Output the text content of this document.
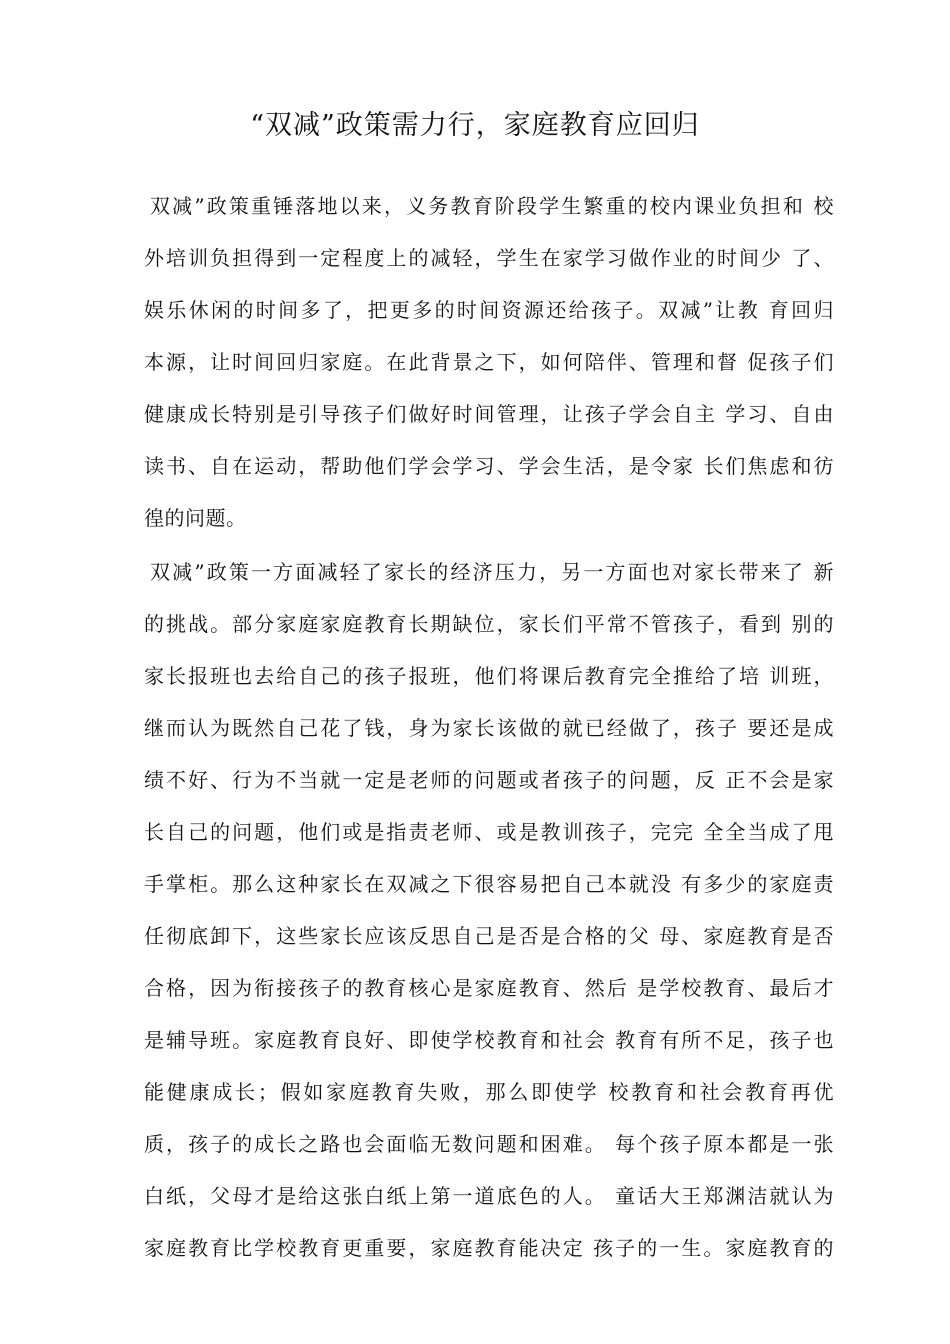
“双减”政策需力行，家庭教育应回归
双减”政策重锤落地以来，义务教育阶段学生繁重的校内课业负担和 校
外培训负担得到一定程度上的减轻，学生在家学习做作业的时间少 了、
娱乐休闲的时间多了，把更多的时间资源还给孩子。双减”让教 育回归
本源，让时间回归家庭。在此背景之下，如何陪伴、管理和督 促孩子们
健康成长特别是引导孩子们做好时间管理，让孩子学会自主 学习、自由
读书、自在运动，帮助他们学会学习、学会生活，是令家 长们焦虑和彷
徨的问题。
双减”政策一方面减轻了家长的经济压力，另一方面也对家长带来了 新
的挑战。部分家庭家庭教育长期缺位，家长们平常不管孩子，看到 别的
家长报班也去给自己的孩子报班，他们将课后教育完全推给了培 训班，
继而认为既然自己花了钱，身为家长该做的就已经做了，孩子 要还是成
绩不好、行为不当就一定是老师的问题或者孩子的问题，反 正不会是家
长自己的问题，他们或是指责老师、或是教训孩子，完完 全全当成了甩
手掌柜。那么这种家长在双减之下很容易把自己本就没 有多少的家庭责
任彻底卸下，这些家长应该反思自己是否是合格的父 母、家庭教育是否
合格，因为衔接孩子的教育核心是家庭教育、然后 是学校教育、最后才
是辅导班。家庭教育良好、即使学校教育和社会 教育有所不足，孩子也
能健康成长；假如家庭教育失败，那么即使学 校教育和社会教育再优
质，孩子的成长之路也会面临无数问题和困难。 每个孩子原本都是一张
白纸，父母才是给这张白纸上第一道底色的人。 童话大王郑渊洁就认为
家庭教育比学校教育更重要，家庭教育能决定 孩子的一生。家庭教育的
